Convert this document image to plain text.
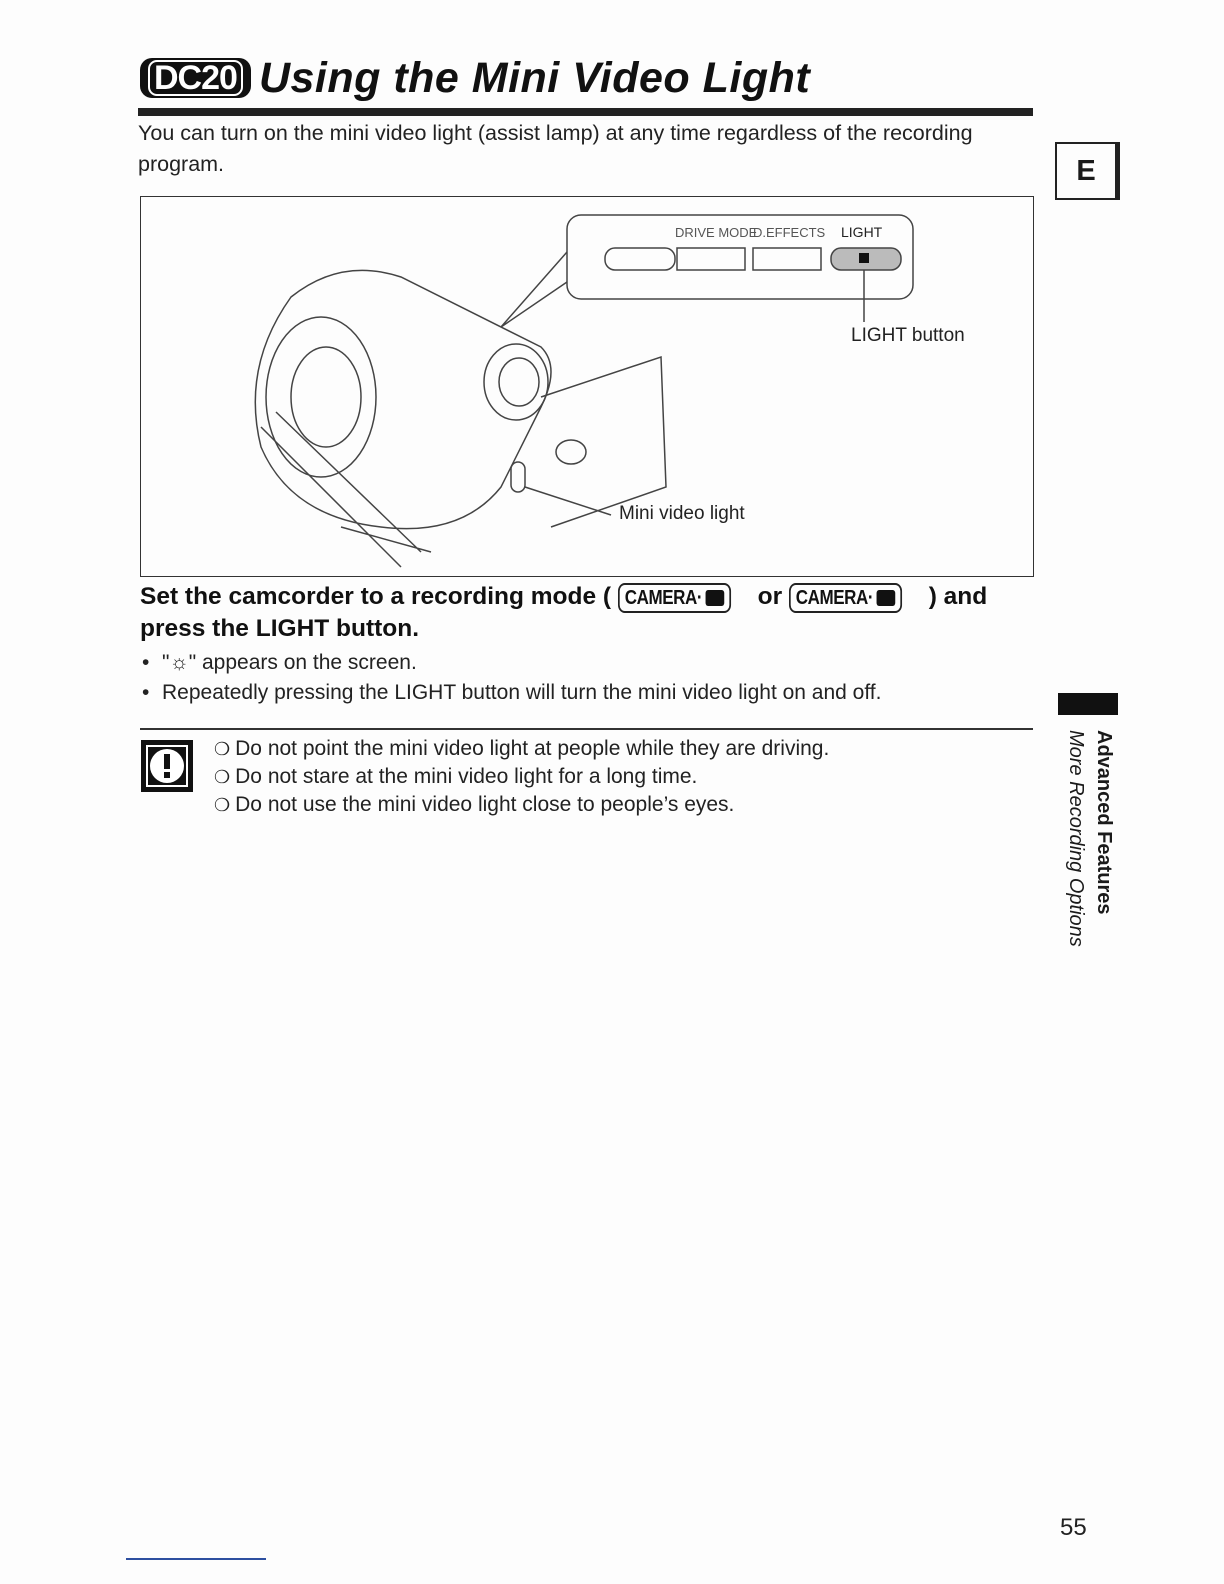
DC20 Using the Mini Video Light
You can turn on the mini video light (assist lamp) at any time regardless of the recording program.	E
DRIVE MODE
D.EFFECTS LIGHT
LIGHT button
Mini video light
Set the camcorder to a recording mode ( CAMERA· or CAMERA· ) and press the LIGHT button.
• "☼" appears on the screen.
• Repeatedly pressing the LIGHT button will turn the mini video light on and off.
❍ Do not point the mini video light at people while they are driving.
❍ Do not stare at the mini video light for a long time.
❍ Do not use the mini video light close to people’s eyes.	Advanced Features
More Recording Options
55
